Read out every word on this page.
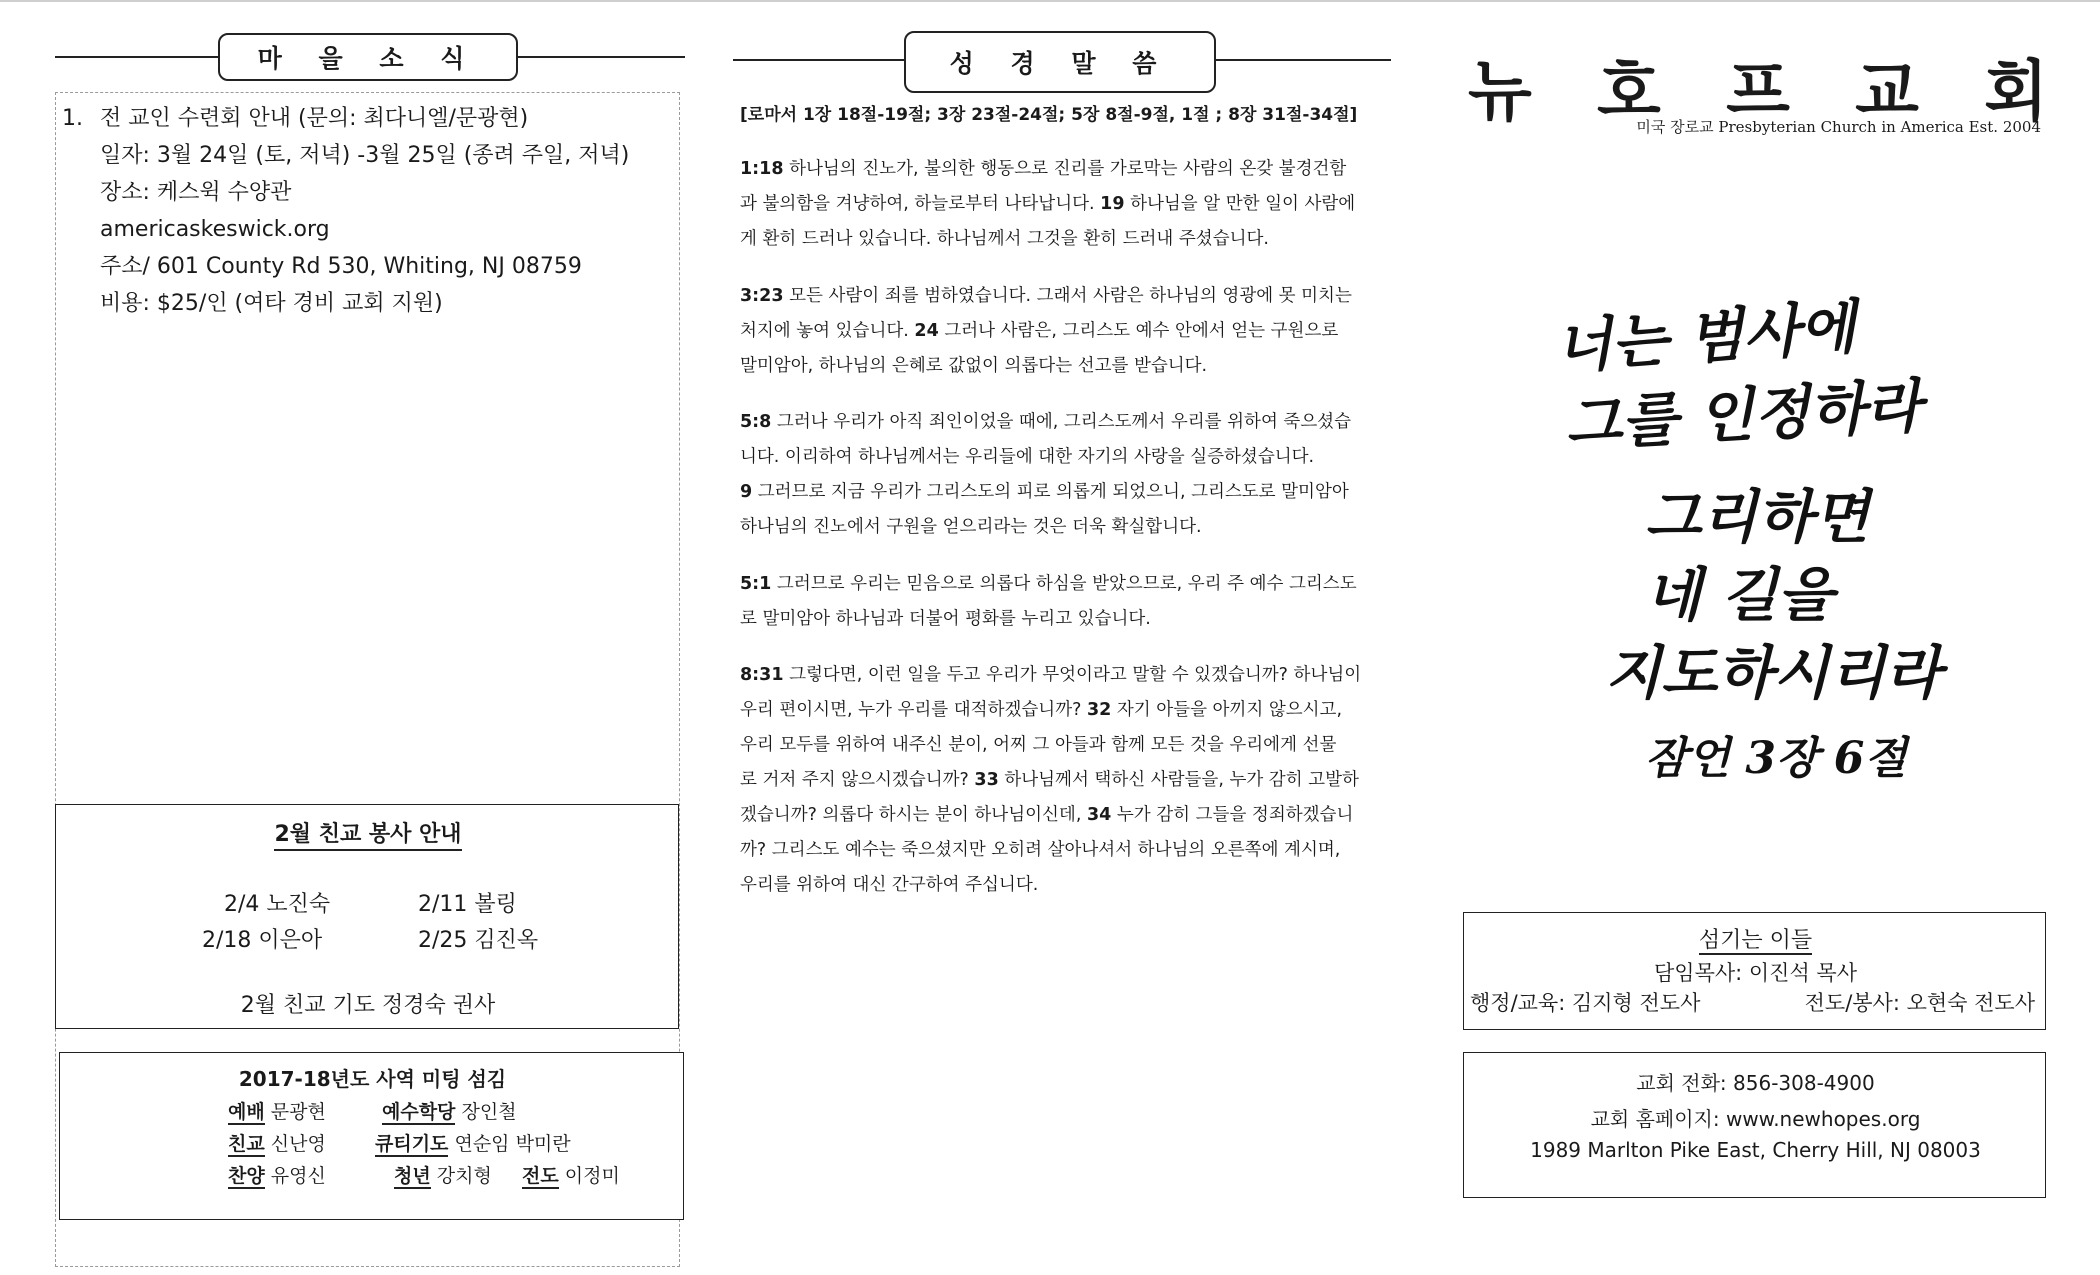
마 을 소 식
1. 전 교인 수련회 안내 (문의: 최다니엘/문광현)
일자: 3월 24일 (토, 저녁) -3월 25일 (종려 주일, 저녁)
장소: 케스윅 수양관
americaskeswick.org
주소/ 601 County Rd 530, Whiting, NJ 08759
비용: $25/인 (여타 경비 교회 지원)
2월 친교 봉사 안내
2/4 노진숙	2/11 볼링
2/18 이은아	2/25 김진옥
2월 친교 기도 정경숙 권사
2017-18년도 사역 미팅 섬김
예배 문광현	예수학당 장인철
친교 신난영	큐티기도 연순임 박미란
찬양 유영신	청년 강치형 전도 이정미
성 경 말 씀
[로마서 1장 18절-19절; 3장 23절-24절; 5장 8절-9절, 1절 ; 8장 31절-34절]
1:18 하나님의 진노가, 불의한 행동으로 진리를 가로막는 사람의 온갖 불경건함
과 불의함을 겨냥하여, 하늘로부터 나타납니다. 19 하나님을 알 만한 일이 사람에
게 환히 드러나 있습니다. 하나님께서 그것을 환히 드러내 주셨습니다.
3:23 모든 사람이 죄를 범하였습니다. 그래서 사람은 하나님의 영광에 못 미치는
처지에 놓여 있습니다. 24 그러나 사람은, 그리스도 예수 안에서 얻는 구원으로
말미암아, 하나님의 은혜로 값없이 의롭다는 선고를 받습니다.
5:8 그러나 우리가 아직 죄인이었을 때에, 그리스도께서 우리를 위하여 죽으셨습
니다. 이리하여 하나님께서는 우리들에 대한 자기의 사랑을 실증하셨습니다.
9 그러므로 지금 우리가 그리스도의 피로 의롭게 되었으니, 그리스도로 말미암아
하나님의 진노에서 구원을 얻으리라는 것은 더욱 확실합니다.
5:1 그러므로 우리는 믿음으로 의롭다 하심을 받았으므로, 우리 주 예수 그리스도
로 말미암아 하나님과 더불어 평화를 누리고 있습니다.
8:31 그렇다면, 이런 일을 두고 우리가 무엇이라고 말할 수 있겠습니까? 하나님이
우리 편이시면, 누가 우리를 대적하겠습니까? 32 자기 아들을 아끼지 않으시고,
우리 모두를 위하여 내주신 분이, 어찌 그 아들과 함께 모든 것을 우리에게 선물
로 거저 주지 않으시겠습니까? 33 하나님께서 택하신 사람들을, 누가 감히 고발하
겠습니까? 의롭다 하시는 분이 하나님이신데, 34 누가 감히 그들을 정죄하겠습니
까? 그리스도 예수는 죽으셨지만 오히려 살아나셔서 하나님의 오른쪽에 계시며,
우리를 위하여 대신 간구하여 주십니다.
뉴 호 프 교 회
미국 장로교 Presbyterian Church in America Est. 2004
너는 범사에
그를 인정하라
그리하면
네 길을
지도하시리라
잠언 3장 6절
섬기는 이들
담임목사: 이진석 목사
행정/교육: 김지형 전도사	전도/봉사: 오현숙 전도사
교회 전화: 856-308-4900
교회 홈페이지: www.newhopes.org
1989 Marlton Pike East, Cherry Hill, NJ 08003
